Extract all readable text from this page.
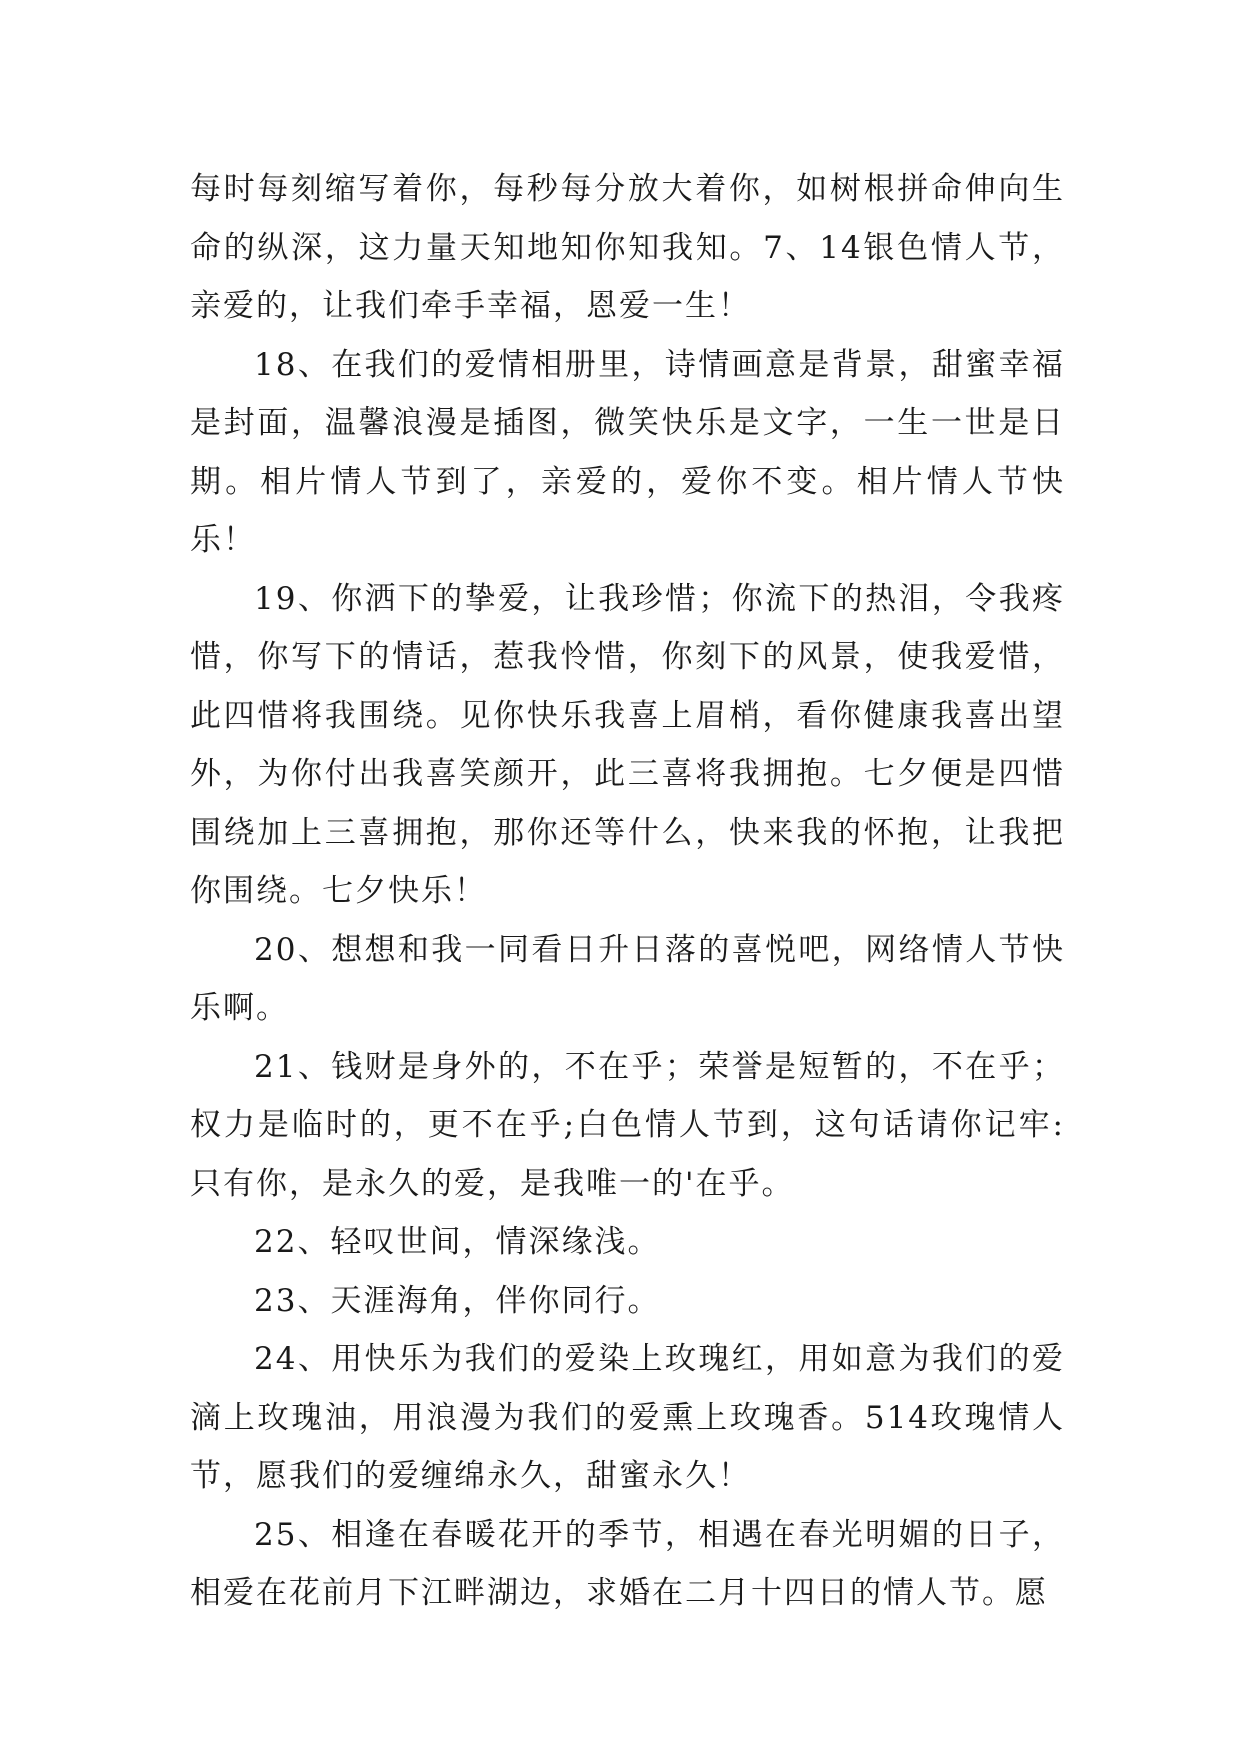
每时每刻缩写着你，每秒每分放大着你，如树根拼命伸向生命的纵深，这力量天知地知你知我知。7、14银色情人节，亲爱的，让我们牵手幸福，恩爱一生！

18、在我们的爱情相册里，诗情画意是背景，甜蜜幸福是封面，温馨浪漫是插图，微笑快乐是文字，一生一世是日期。相片情人节到了，亲爱的，爱你不变。相片情人节快乐！

19、你洒下的挚爱，让我珍惜；你流下的热泪，令我疼惜，你写下的情话，惹我怜惜，你刻下的风景，使我爱惜，此四惜将我围绕。见你快乐我喜上眉梢，看你健康我喜出望外，为你付出我喜笑颜开，此三喜将我拥抱。七夕便是四惜围绕加上三喜拥抱，那你还等什么，快来我的怀抱，让我把你围绕。七夕快乐！

20、想想和我一同看日升日落的喜悦吧，网络情人节快乐啊。

21、钱财是身外的，不在乎；荣誉是短暂的，不在乎；权力是临时的，更不在乎;白色情人节到，这句话请你记牢:只有你，是永久的爱，是我唯一的'在乎。

22、轻叹世间，情深缘浅。

23、天涯海角，伴你同行。

24、用快乐为我们的爱染上玫瑰红，用如意为我们的爱滴上玫瑰油，用浪漫为我们的爱熏上玫瑰香。514玫瑰情人节，愿我们的爱缠绵永久，甜蜜永久！

25、相逢在春暖花开的季节，相遇在春光明媚的日子，相爱在花前月下江畔湖边，求婚在二月十四日的情人节。愿
